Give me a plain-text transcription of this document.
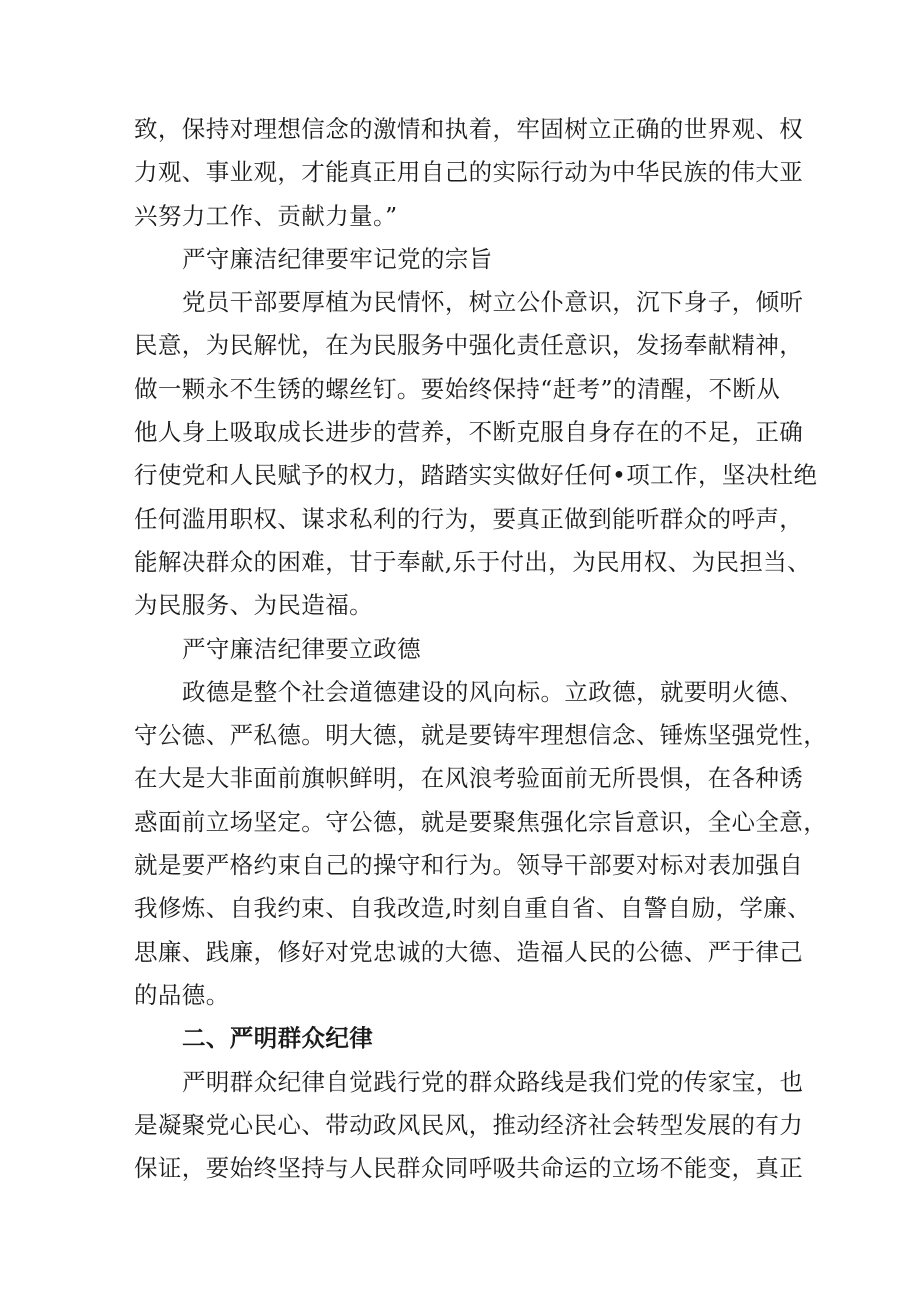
致，保持对理想信念的激情和执着，牢固树立正确的世界观、权
力观、事业观，才能真正用自己的实际行动为中华民族的伟大亚
兴努力工作、贡献力量。”
严守廉洁纪律要牢记党的宗旨
党员干部要厚植为民情怀，树立公仆意识，沉下身子，倾听
民意，为民解忧，在为民服务中强化责任意识，发扬奉献精神，
做一颗永不生锈的螺丝钉。要始终保持“赶考”的清醒，不断从
他人身上吸取成长进步的营养，不断克服自身存在的不足，正确
行使党和人民赋予的权力，踏踏实实做好任何•项工作，坚决杜绝
任何滥用职权、谋求私利的行为，要真正做到能听群众的呼声，
能解决群众的困难，甘于奉献,乐于付出，为民用权、为民担当、
为民服务、为民造福。
严守廉洁纪律要立政德
政德是整个社会道德建设的风向标。立政德，就要明火德、
守公德、严私德。明大德，就是要铸牢理想信念、锤炼坚强党性，
在大是大非面前旗帜鲜明，在风浪考验面前无所畏惧，在各种诱
惑面前立场坚定。守公德，就是要聚焦强化宗旨意识，全心全意，
就是要严格约束自己的操守和行为。领导干部要对标对表加强自
我修炼、自我约束、自我改造,时刻自重自省、自警自励，学廉、
思廉、践廉，修好对党忠诚的大德、造福人民的公德、严于律己
的品德。
二、严明群众纪律
严明群众纪律自觉践行党的群众路线是我们党的传家宝，也
是凝聚党心民心、带动政风民风，推动经济社会转型发展的有力
保证，要始终坚持与人民群众同呼吸共命运的立场不能变，真正
